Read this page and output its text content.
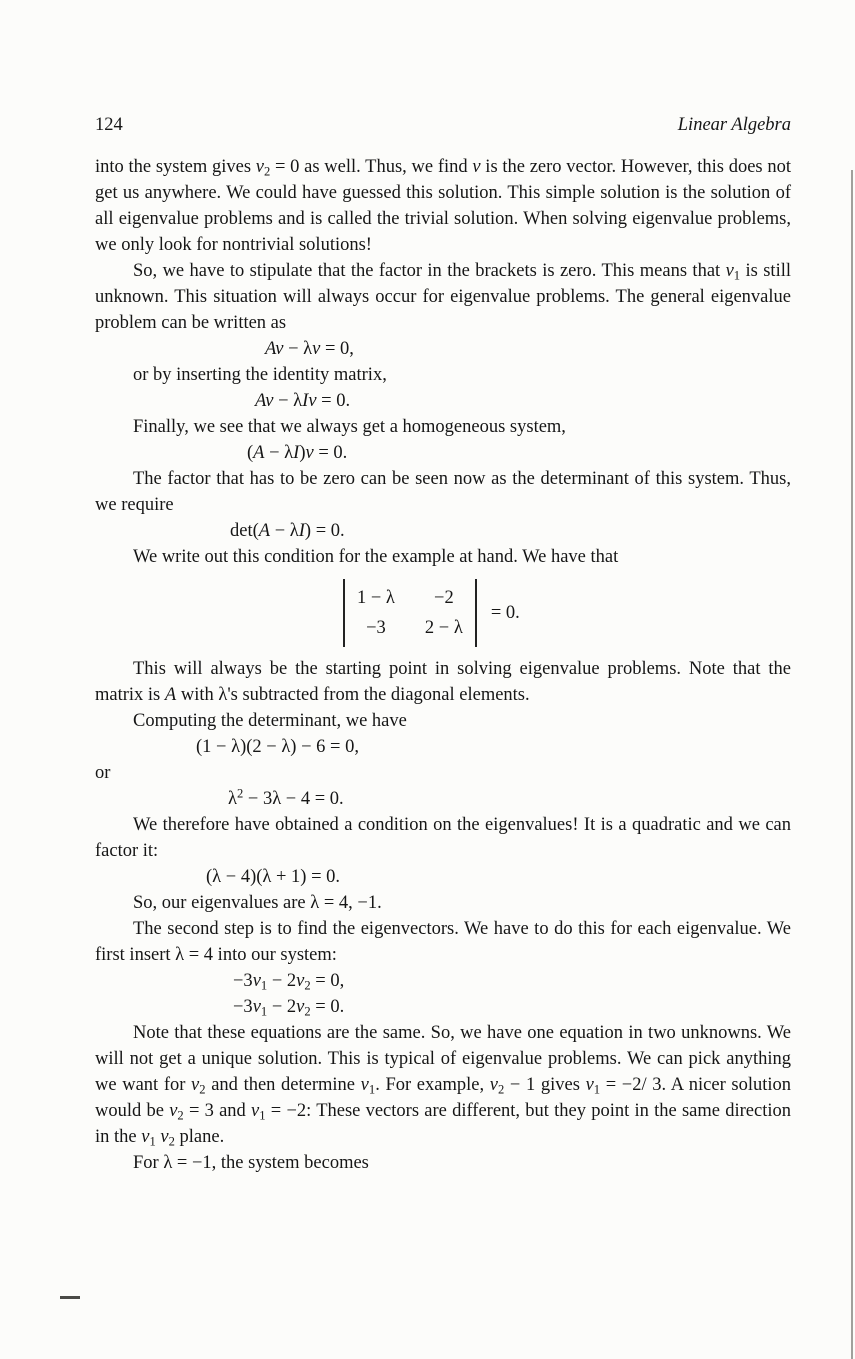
124	Linear Algebra

into the system gives $v_2 = 0$ as well. Thus, we find v is the zero vector. However, this does not get us anywhere. We could have guessed this solution. This simple solution is the solution of all eigenvalue problems and is called the trivial solution. When solving eigenvalue problems, we only look for nontrivial solutions!

So, we have to stipulate that the factor in the brackets is zero. This means that $v_1$ is still unknown. This situation will always occur for eigenvalue problems. The general eigenvalue problem can be written as

Av − λv = 0,

or by inserting the identity matrix,

Av − λIv = 0.

Finally, we see that we always get a homogeneous system,

(A − λI)v = 0.

The factor that has to be zero can be seen now as the determinant of this system. Thus, we require

det(A − λI) = 0.

We write out this condition for the example at hand. We have that

1 − λ	−2
−3	2 − λ
= 0.

This will always be the starting point in solving eigenvalue problems. Note that the matrix is A with λ's subtracted from the diagonal elements.

Computing the determinant, we have

(1 − λ)(2 − λ) − 6 = 0,

or

$\lambda^2 - 3\lambda - 4 = 0$.

We therefore have obtained a condition on the eigenvalues! It is a quadratic and we can factor it:

(λ − 4)(λ + 1) = 0.

So, our eigenvalues are λ = 4, −1.

The second step is to find the eigenvectors. We have to do this for each eigenvalue. We first insert λ = 4 into our system:

$-3v_1 - 2v_2 = 0$,
$-3v_1 - 2v_2 = 0$.

Note that these equations are the same. So, we have one equation in two unknowns. We will not get a unique solution. This is typical of eigenvalue problems. We can pick anything we want for $v_2$ and then determine $v_1$. For example, $v_2 - 1$ gives $v_1 = -2/$ 3. A nicer solution would be $v_2 = 3$ and $v_1 = -2$: These vectors are different, but they point in the same direction in the $v_1$ $v_2$ plane.

For λ = −1, the system becomes
